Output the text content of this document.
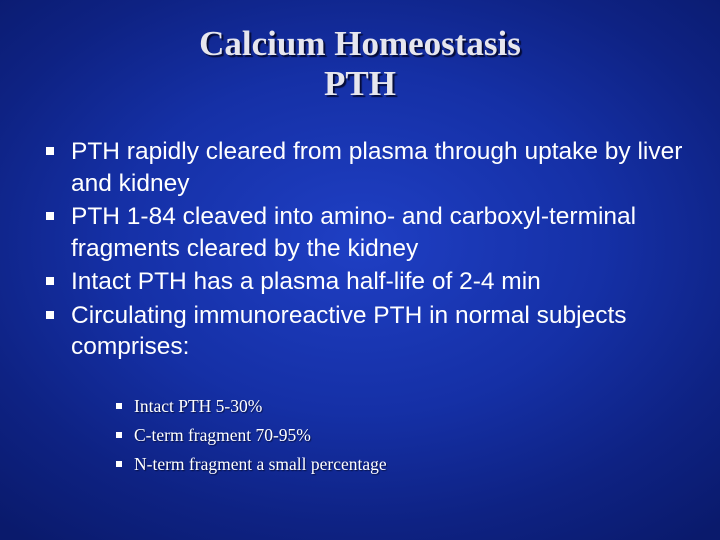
Calcium Homeostasis
PTH
PTH rapidly cleared from plasma through uptake by liver and kidney
PTH 1-84 cleaved into amino- and carboxyl-terminal fragments cleared by the kidney
Intact PTH has a plasma half-life of 2-4 min
Circulating immunoreactive PTH in normal subjects comprises:
Intact PTH 5-30%
C-term fragment 70-95%
N-term fragment a small percentage
